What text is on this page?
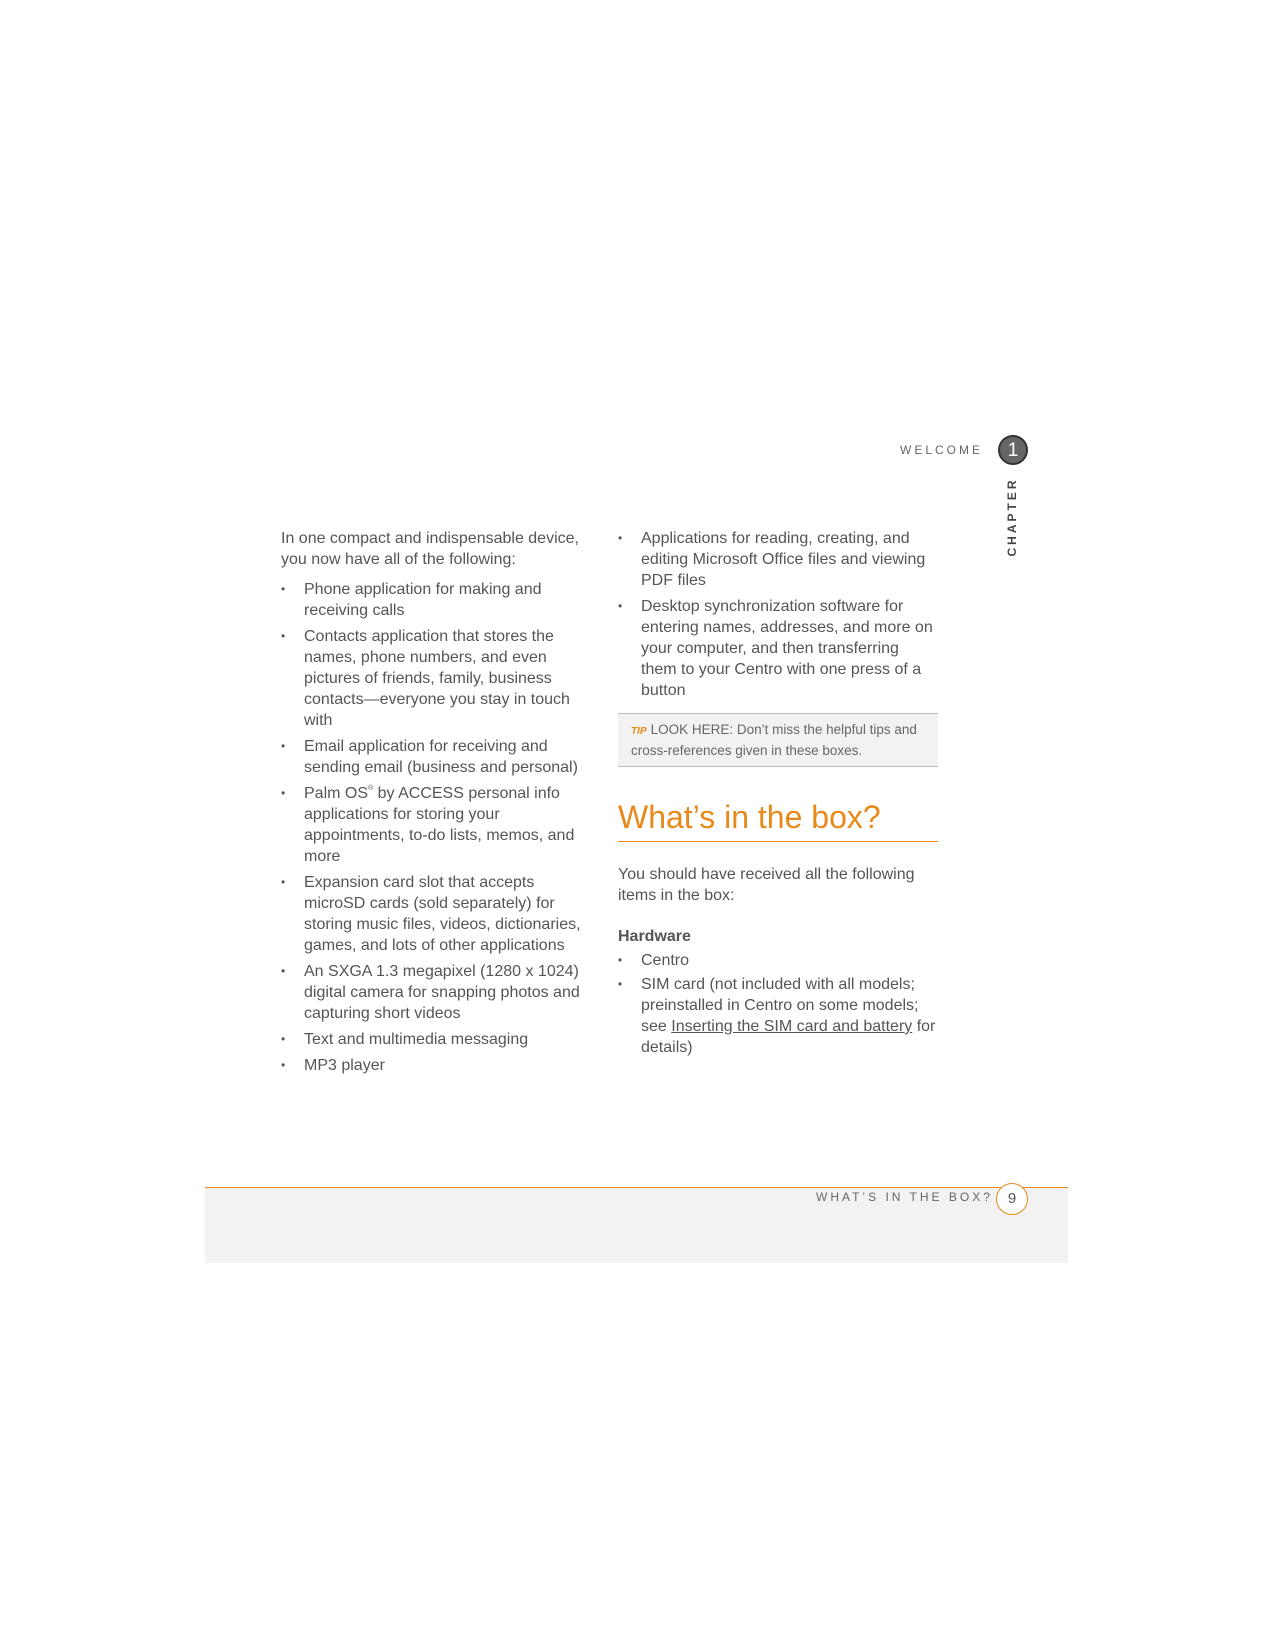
WELCOME	1
CHAPTER

In one compact and indispensable device, you now have all of the following:

• Phone application for making and receiving calls
• Contacts application that stores the names, phone numbers, and even pictures of friends, family, business contacts—everyone you stay in touch with
• Email application for receiving and sending email (business and personal)
• Palm OS® by ACCESS personal info applications for storing your appointments, to-do lists, memos, and more
• Expansion card slot that accepts microSD cards (sold separately) for storing music files, videos, dictionaries, games, and lots of other applications
• An SXGA 1.3 megapixel (1280 x 1024) digital camera for snapping photos and capturing short videos
• Text and multimedia messaging
• MP3 player
• Applications for reading, creating, and editing Microsoft Office files and viewing PDF files
• Desktop synchronization software for entering names, addresses, and more on your computer, and then transferring them to your Centro with one press of a button
TIP LOOK HERE: Don’t miss the helpful tips and cross-references given in these boxes.
What’s in the box?

You should have received all the following items in the box:

Hardware
• Centro
• SIM card (not included with all models; preinstalled in Centro on some models; see Inserting the SIM card and battery for details)
WHAT’S IN THE BOX? 9
